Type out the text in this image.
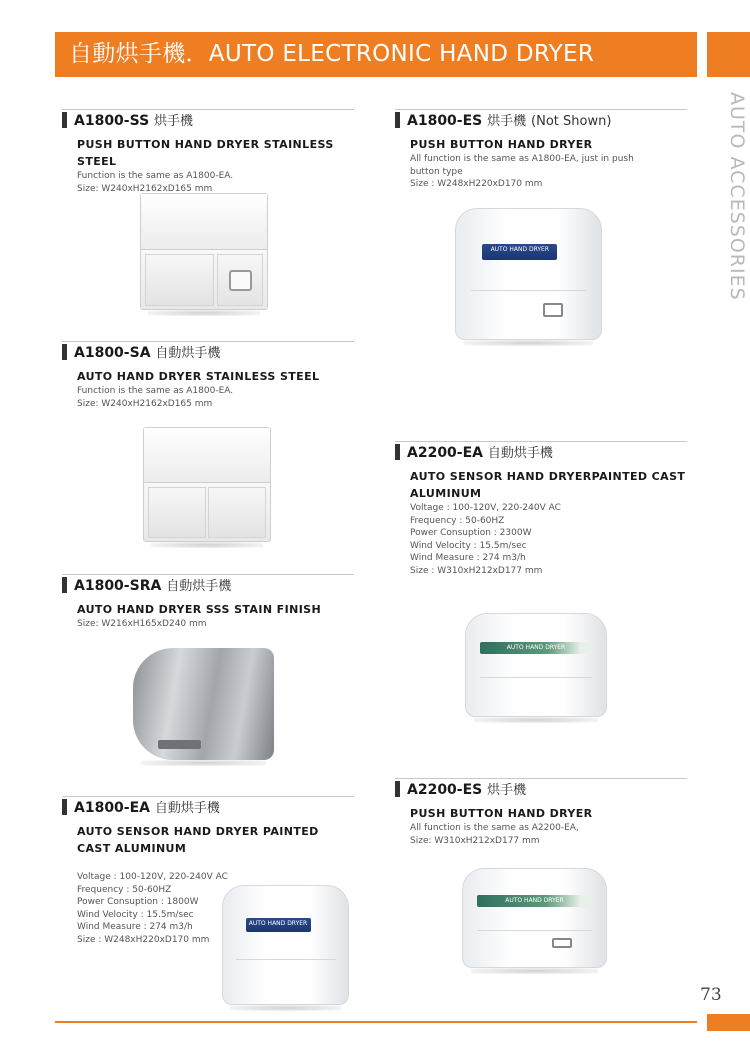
自動烘手機．AUTO ELECTRONIC HAND DRYER
AUTO ACCESSORIES
A1800-SS 烘手機
PUSH BUTTON HAND DRYER STAINLESS STEEL
Function is the same as A1800-EA.
Size: W240xH2162xD165 mm
A1800-ES 烘手機 (Not Shown)
PUSH BUTTON HAND DRYER
All function is the same as A1800-EA, just in push
button type
Size : W248xH220xD170 mm
AUTO HAND DRYER
A1800-SA 自動烘手機
AUTO HAND DRYER STAINLESS STEEL
Function is the same as A1800-EA.
Size: W240xH2162xD165 mm
A2200-EA 自動烘手機
AUTO SENSOR HAND DRYERPAINTED CAST ALUMINUM
Voltage : 100-120V, 220-240V AC
Frequency : 50-60HZ
Power Consuption : 2300W
Wind Velocity : 15.5m/sec
Wind Measure : 274 m3/h
Size : W310xH212xD177 mm
AUTO HAND DRYER
A1800-SRA 自動烘手機
AUTO HAND DRYER SSS STAIN FINISH
Size: W216xH165xD240 mm
A2200-ES 烘手機
PUSH BUTTON HAND DRYER
All function is the same as A2200-EA,
Size: W310xH212xD177 mm
AUTO HAND DRYER
A1800-EA 自動烘手機
AUTO SENSOR HAND DRYER PAINTED CAST ALUMINUM
Voltage : 100-120V, 220-240V AC
Frequency : 50-60HZ
Power Consuption : 1800W
Wind Velocity : 15.5m/sec
Wind Measure : 274 m3/h
Size : W248xH220xD170 mm
AUTO HAND DRYER
73
